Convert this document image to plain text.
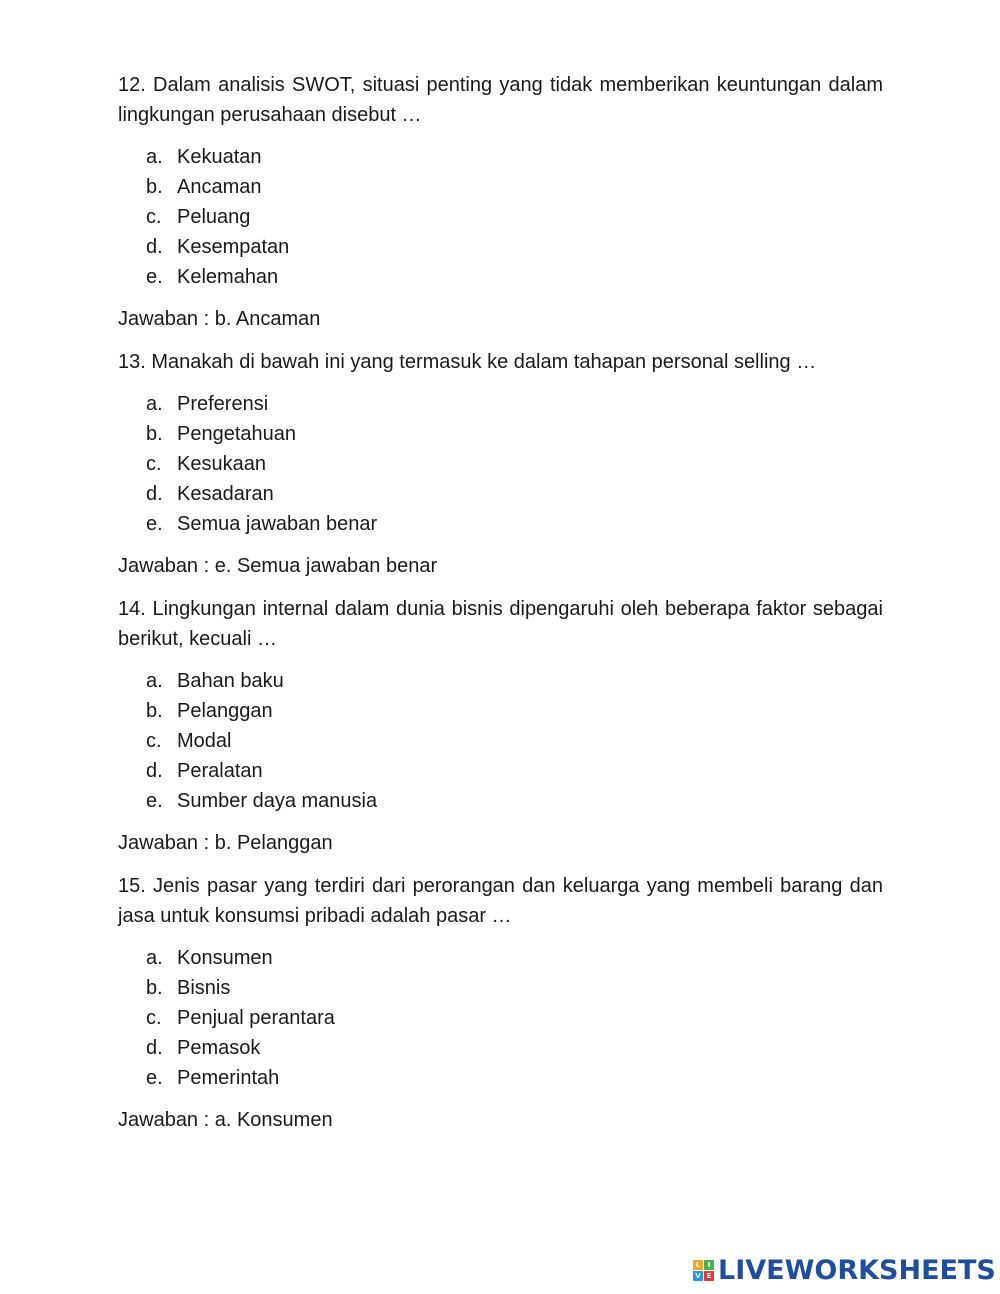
12. Dalam analisis SWOT, situasi penting yang tidak memberikan keuntungan dalam lingkungan perusahaan disebut …

a. Kekuatan
b. Ancaman
c. Peluang
d. Kesempatan
e. Kelemahan

Jawaban : b. Ancaman

13. Manakah di bawah ini yang termasuk ke dalam tahapan personal selling …

a. Preferensi
b. Pengetahuan
c. Kesukaan
d. Kesadaran
e. Semua jawaban benar

Jawaban : e. Semua jawaban benar

14. Lingkungan internal dalam dunia bisnis dipengaruhi oleh beberapa faktor sebagai berikut, kecuali …

a. Bahan baku
b. Pelanggan
c. Modal
d. Peralatan
e. Sumber daya manusia

Jawaban : b. Pelanggan

15. Jenis pasar yang terdiri dari perorangan dan keluarga yang membeli barang dan jasa untuk konsumsi pribadi adalah pasar …

a. Konsumen
b. Bisnis
c. Penjual perantara
d. Pemasok
e. Pemerintah

Jawaban : a. Konsumen

L	I
V E LIVEWORKSHEETS
